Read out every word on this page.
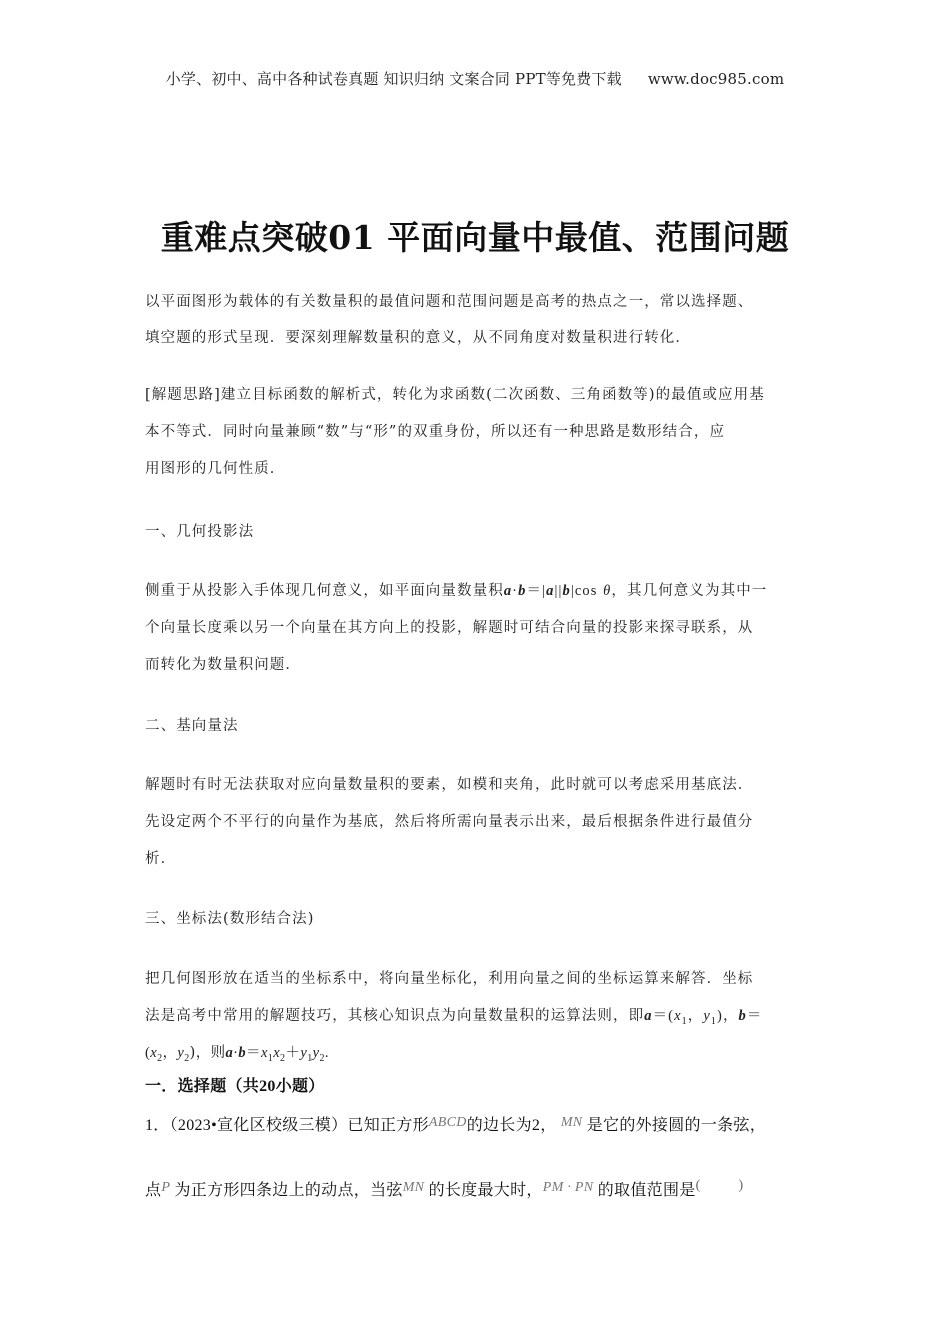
小学、初中、高中各种试卷真题 知识归纳 文案合同 PPT等免费下载 www.doc985.com
重难点突破01 平面向量中最值、范围问题
以平面图形为载体的有关数量积的最值问题和范围问题是高考的热点之一，常以选择题、
填空题的形式呈现．要深刻理解数量积的意义，从不同角度对数量积进行转化．
[解题思路]建立目标函数的解析式，转化为求函数(二次函数、三角函数等)的最值或应用基
本不等式．同时向量兼顾“数”与“形”的双重身份，所以还有一种思路是数形结合，应
用图形的几何性质．
一、几何投影法
侧重于从投影入手体现几何意义，如平面向量数量积a·b＝|a||b|cos θ，其几何意义为其中一
个向量长度乘以另一个向量在其方向上的投影，解题时可结合向量的投影来探寻联系，从
而转化为数量积问题．
二、基向量法
解题时有时无法获取对应向量数量积的要素，如模和夹角，此时就可以考虑采用基底法．
先设定两个不平行的向量作为基底，然后将所需向量表示出来，最后根据条件进行最值分
析．
三、坐标法(数形结合法)
把几何图形放在适当的坐标系中，将向量坐标化，利用向量之间的坐标运算来解答．坐标
法是高考中常用的解题技巧，其核心知识点为向量数量积的运算法则，即$a=(x_1$，$y_1$)，b＝
($x_2$，$y_2$)，则$a\cdot b=x_1x_2+y_1y_2$.
一．选择题（共20小题）
1．（2023•宣化区校级三模）已知正方形ABCD的边长为2， MN 是它的外接圆的一条弦，
点P 为正方形四条边上的动点，当弦MN 的长度最大时，PM · PN 的取值范围是(	)
